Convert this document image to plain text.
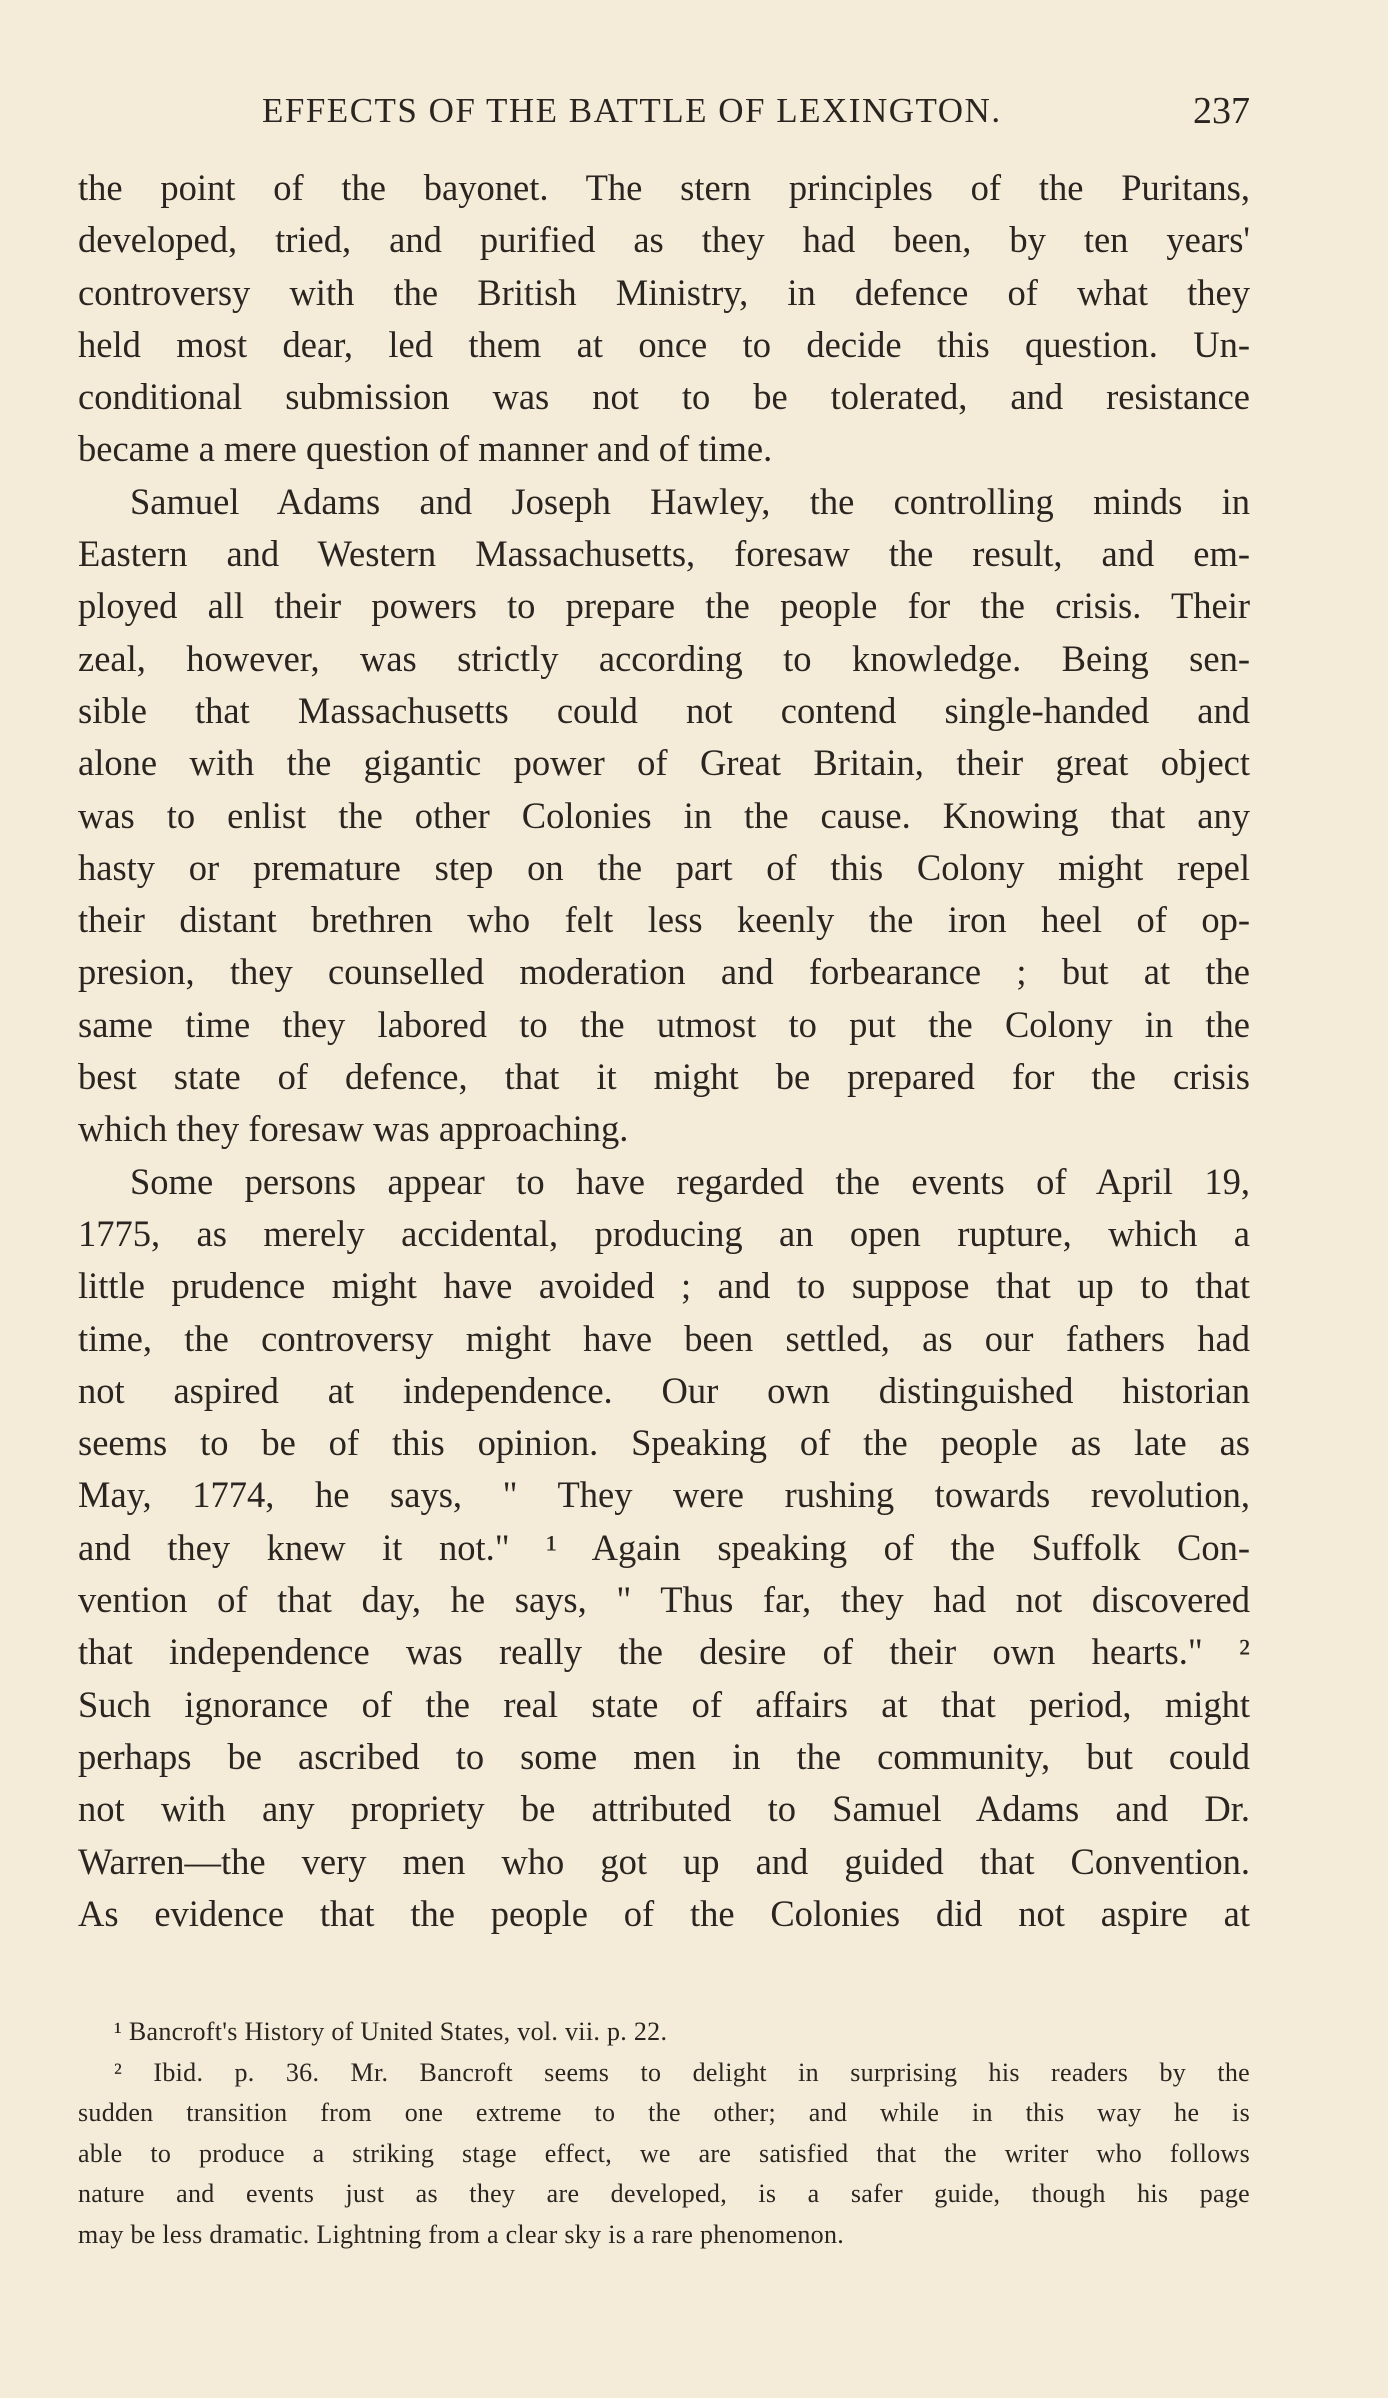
EFFECTS OF THE BATTLE OF LEXINGTON.	237
the point of the bayonet. The stern principles of the Puritans,
developed, tried, and purified as they had been, by ten years'
controversy with the British Ministry, in defence of what they
held most dear, led them at once to decide this question. Un-
conditional submission was not to be tolerated, and resistance
became a mere question of manner and of time.
Samuel Adams and Joseph Hawley, the controlling minds in
Eastern and Western Massachusetts, foresaw the result, and em-
ployed all their powers to prepare the people for the crisis. Their
zeal, however, was strictly according to knowledge. Being sen-
sible that Massachusetts could not contend single-handed and
alone with the gigantic power of Great Britain, their great object
was to enlist the other Colonies in the cause. Knowing that any
hasty or premature step on the part of this Colony might repel
their distant brethren who felt less keenly the iron heel of op-
presion, they counselled moderation and forbearance ; but at the
same time they labored to the utmost to put the Colony in the
best state of defence, that it might be prepared for the crisis
which they foresaw was approaching.
Some persons appear to have regarded the events of April 19,
1775, as merely accidental, producing an open rupture, which a
little prudence might have avoided ; and to suppose that up to that
time, the controversy might have been settled, as our fathers had
not aspired at independence. Our own distinguished historian
seems to be of this opinion. Speaking of the people as late as
May, 1774, he says, " They were rushing towards revolution,
and they knew it not." ¹ Again speaking of the Suffolk Con-
vention of that day, he says, " Thus far, they had not discovered
that independence was really the desire of their own hearts." ²
Such ignorance of the real state of affairs at that period, might
perhaps be ascribed to some men in the community, but could
not with any propriety be attributed to Samuel Adams and Dr.
Warren—the very men who got up and guided that Convention.
As evidence that the people of the Colonies did not aspire at
¹ Bancroft's History of United States, vol. vii. p. 22.
² Ibid. p. 36. Mr. Bancroft seems to delight in surprising his readers by the
sudden transition from one extreme to the other; and while in this way he is
able to produce a striking stage effect, we are satisfied that the writer who follows
nature and events just as they are developed, is a safer guide, though his page
may be less dramatic. Lightning from a clear sky is a rare phenomenon.
